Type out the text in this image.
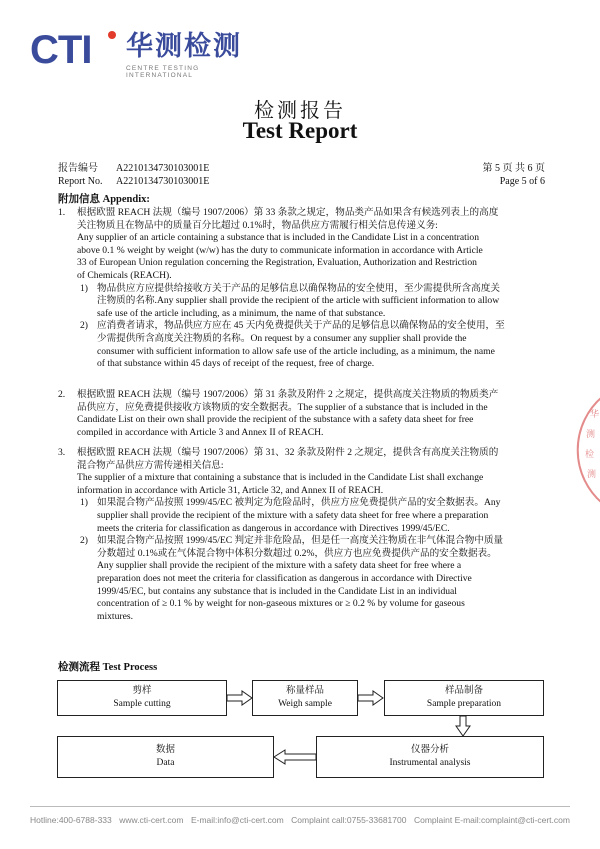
CTI 华测检测
CENTRE TESTING INTERNATIONAL
检测报告
Test Report
报告编号 A2210134730103001E
Report No. A2210134730103001E
第 5 页 共 6 页
Page 5 of 6
附加信息 Appendix:
1. 根据欧盟 REACH 法规（编号 1907/2006）第 33 条款之规定，物品类产品如果含有候选列表上的高度
关注物质且在物品中的质量百分比超过 0.1%时，物品供应方需履行相关信息传递义务:
Any supplier of an article containing a substance that is included in the Candidate List in a concentration
above 0.1 % weight by weight (w/w) has the duty to communicate information in accordance with Article
33 of European Union regulation concerning the Registration, Evaluation, Authorization and Restriction
of Chemicals (REACH).
1) 物品供应方应提供给接收方关于产品的足够信息以确保物品的安全使用，至少需提供所含高度关
注物质的名称.Any supplier shall provide the recipient of the article with sufficient information to allow
safe use of the article including, as a minimum, the name of that substance.
2) 应消费者请求，物品供应方应在 45 天内免费提供关于产品的足够信息以确保物品的安全使用，至
少需提供所含高度关注物质的名称。On request by a consumer any supplier shall provide the
consumer with sufficient information to allow safe use of the article including, as a minimum, the name
of that substance within 45 days of receipt of the request, free of charge.
2. 根据欧盟 REACH 法规（编号 1907/2006）第 31 条款及附件 2 之规定，提供高度关注物质的物质类产
品供应方，应免费提供接收方该物质的安全数据表。The supplier of a substance that is included in the
Candidate List on their own shall provide the recipient of the substance with a safety data sheet for free
compiled in accordance with Article 3 and Annex II of REACH.
3. 根据欧盟 REACH 法规（编号 1907/2006）第 31、32 条款及附件 2 之规定，提供含有高度关注物质的
混合物产品供应方需传递相关信息:
The supplier of a mixture that containing a substance that is included in the Candidate List shall exchange
information in accordance with Article 31, Article 32, and Annex II of REACH.
1) 如果混合物产品按照 1999/45/EC 被判定为危险品时，供应方应免费提供产品的安全数据表。Any
supplier shall provide the recipient of the mixture with a safety data sheet for free where a preparation
meets the criteria for classification as dangerous in accordance with Directives 1999/45/EC.
2) 如果混合物产品按照 1999/45/EC 判定并非危险品，但是任一高度关注物质在非气体混合物中质量
分数超过 0.1%或在气体混合物中体积分数超过 0.2%，供应方也应免费提供产品的安全数据表。
Any supplier shall provide the recipient of the mixture with a safety data sheet for free where a
preparation does not meet the criteria for classification as dangerous in accordance with Directive
1999/45/EC, but contains any substance that is included in the Candidate List in an individual
concentration of ≥ 0.1 % by weight for non-gaseous mixtures or ≥ 0.2 % by volume for gaseous
mixtures.
检测流程 Test Process
剪样
Sample cutting
称量样品
Weigh sample
样品制备
Sample preparation
数据
Data
仪器分析
Instrumental analysis
华
测
检
测
Hotline:400-6788-333 www.cti-cert.com E-mail:info@cti-cert.com Complaint call:0755-33681700 Complaint E-mail:complaint@cti-cert.com
